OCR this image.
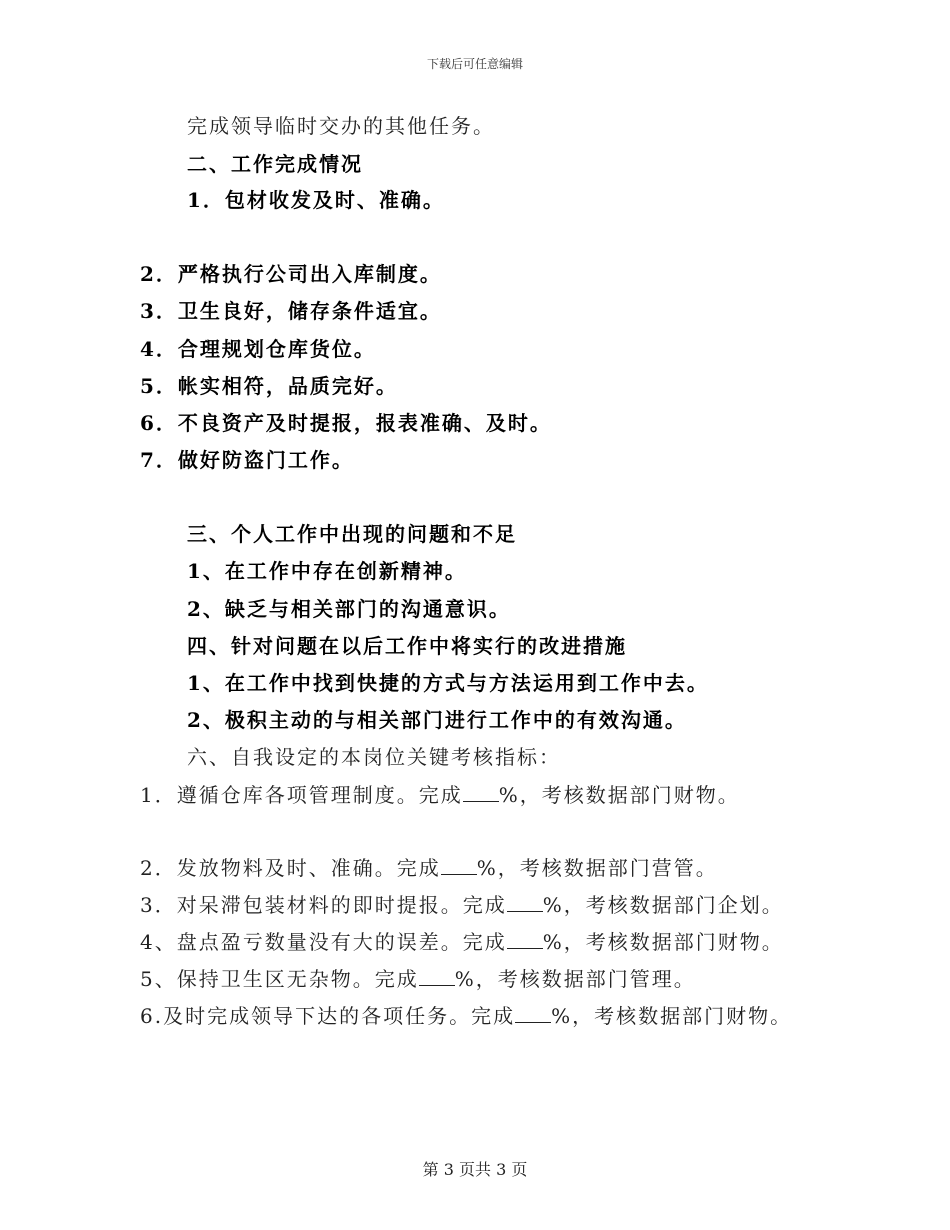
下载后可任意编辑
完成领导临时交办的其他任务。
二、工作完成情况
1．包材收发及时、准确。
2．严格执行公司出入库制度。
3．卫生良好，储存条件适宜。
4．合理规划仓库货位。
5．帐实相符，品质完好。
6．不良资产及时提报，报表准确、及时。
7．做好防盗门工作。
三、个人工作中出现的问题和不足
1、在工作中存在创新精神。
2、缺乏与相关部门的沟通意识。
四、针对问题在以后工作中将实行的改进措施
1、在工作中找到快捷的方式与方法运用到工作中去。
2、极积主动的与相关部门进行工作中的有效沟通。
六、自我设定的本岗位关键考核指标：
1．遵循仓库各项管理制度。完成 %，考核数据部门财物。
2．发放物料及时、准确。完成 %，考核数据部门营管。
3．对呆滞包装材料的即时提报。完成 %，考核数据部门企划。
4、盘点盈亏数量没有大的误差。完成 %，考核数据部门财物。
5、保持卫生区无杂物。完成 %，考核数据部门管理。
6.及时完成领导下达的各项任务。完成 %，考核数据部门财物。
第 3 页共 3 页
